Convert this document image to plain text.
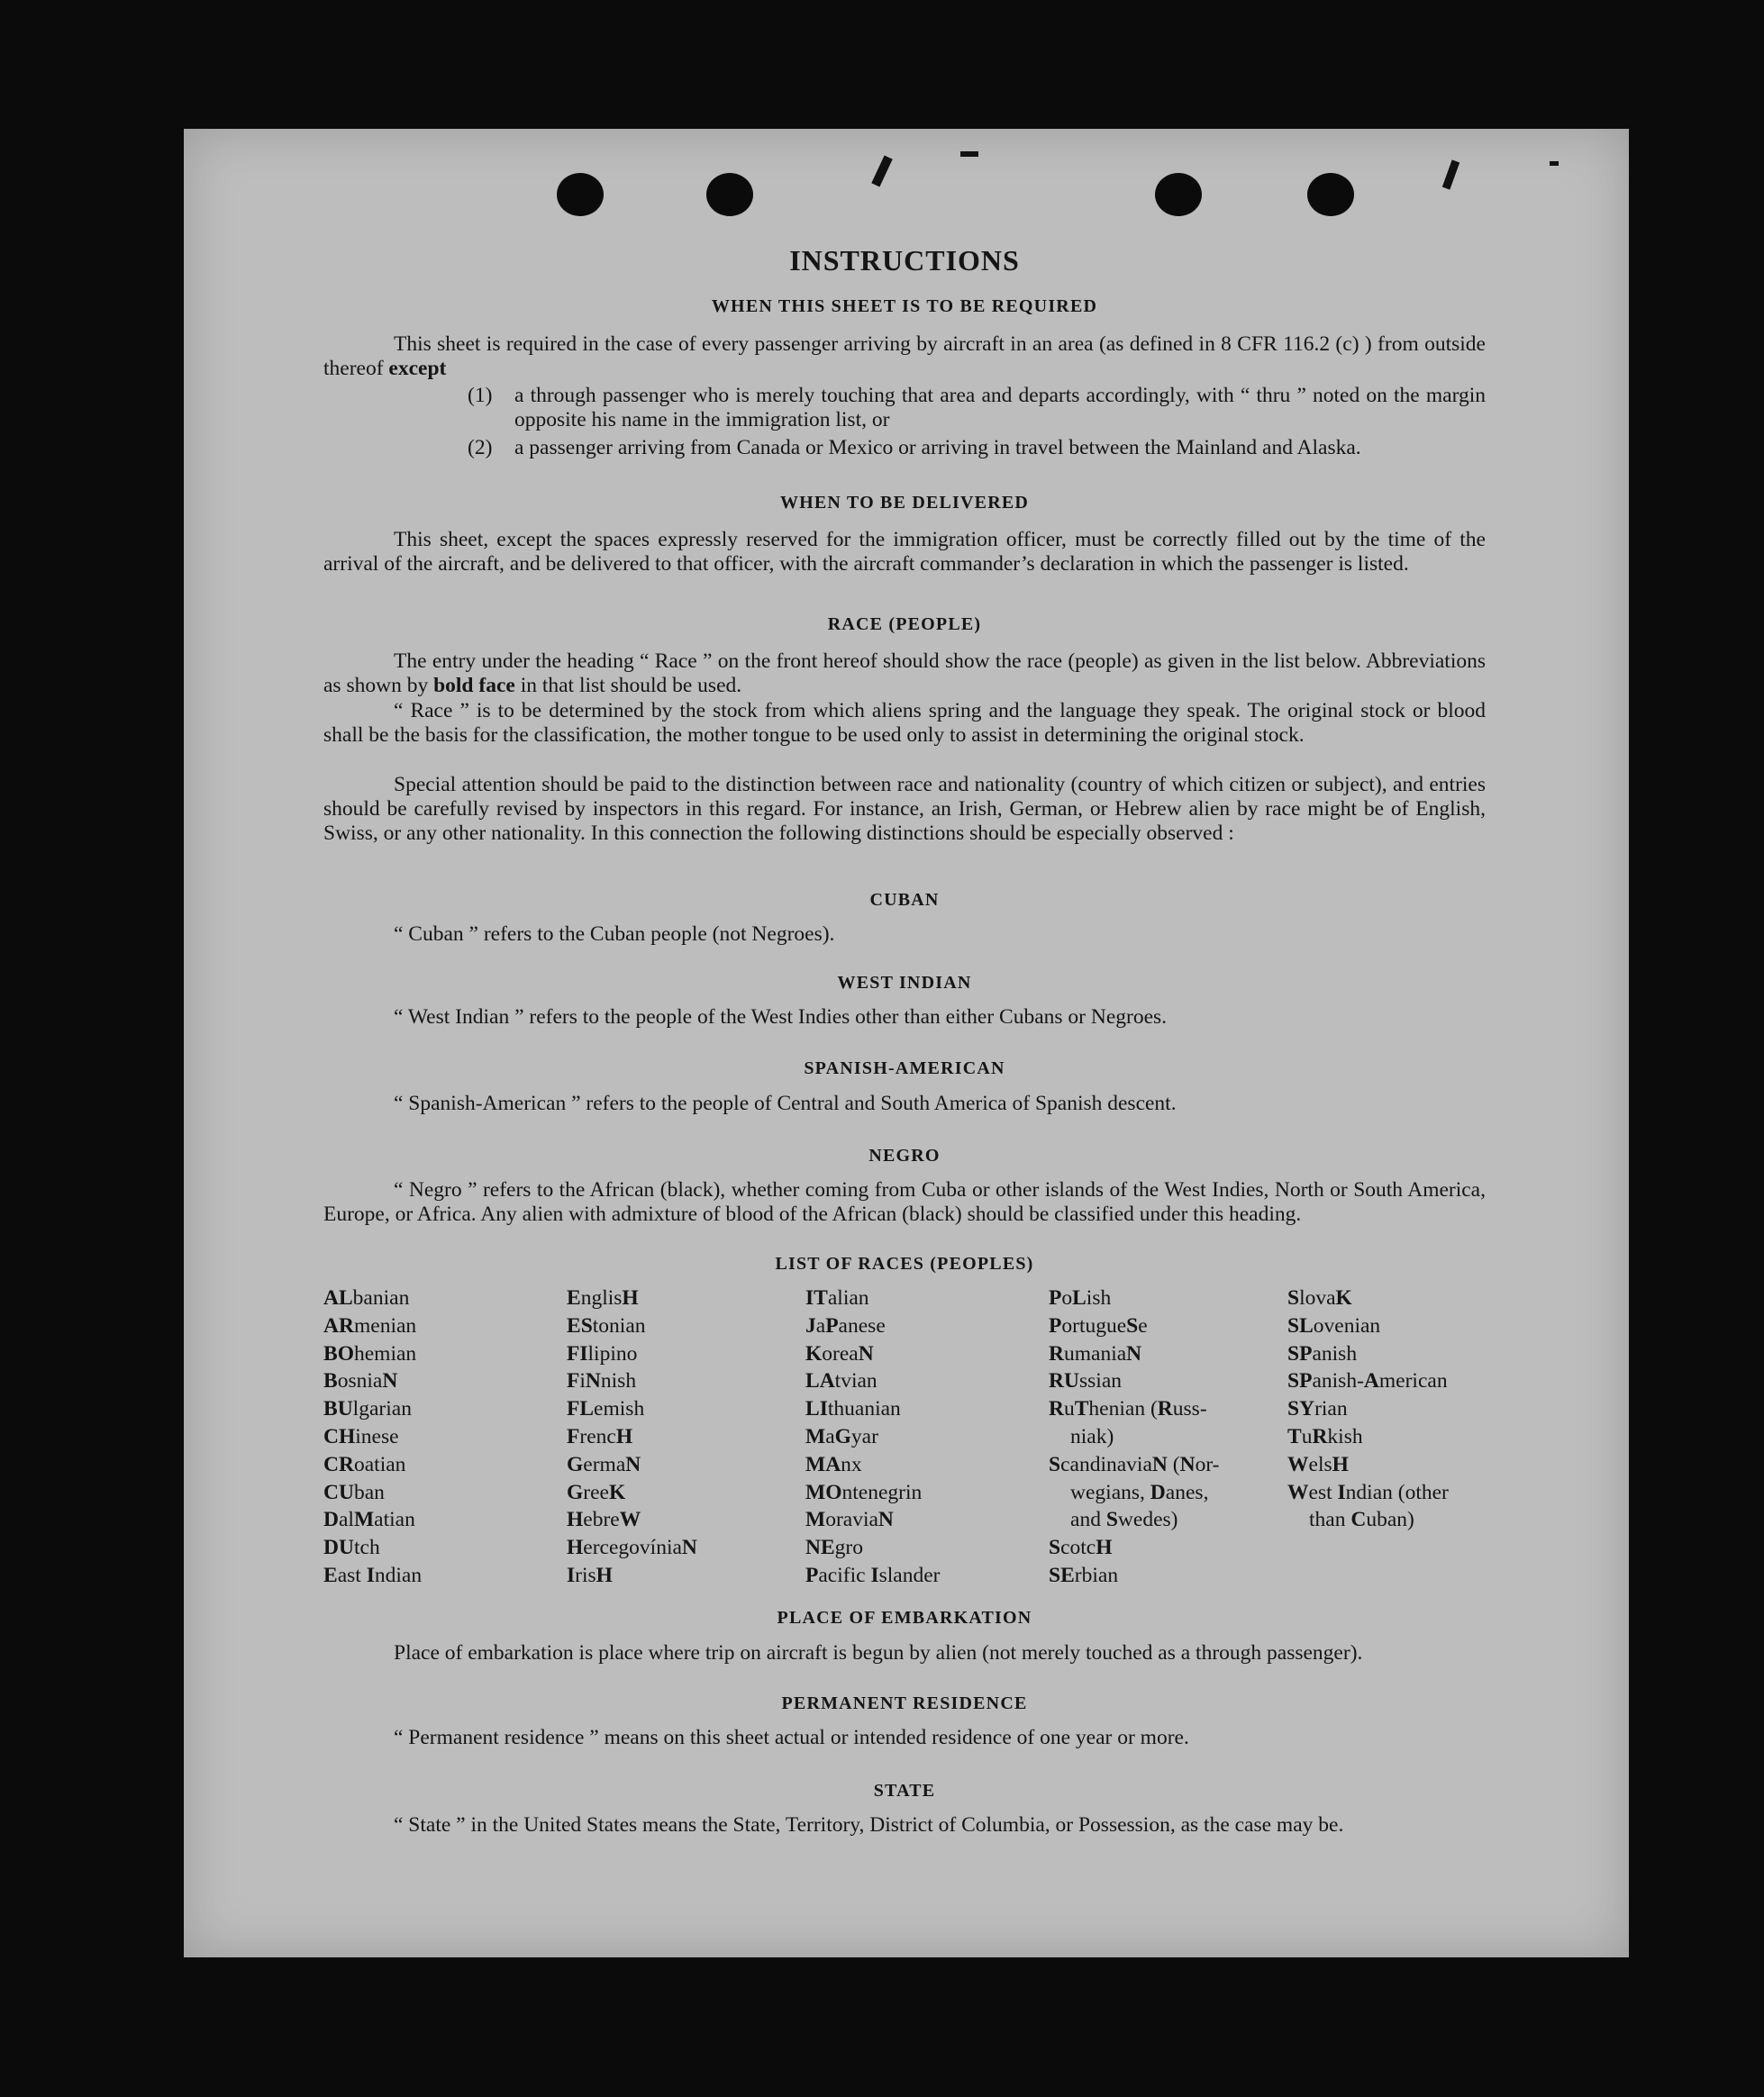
INSTRUCTIONS
WHEN THIS SHEET IS TO BE REQUIRED
This sheet is required in the case of every passenger arriving by aircraft in an area (as defined in 8 CFR 116.2 (c) ) from outside thereof except
(1) a through passenger who is merely touching that area and departs accordingly, with “ thru ” noted on the margin opposite his name in the immigration list, or
(2) a passenger arriving from Canada or Mexico or arriving in travel between the Mainland and Alaska.
WHEN TO BE DELIVERED
This sheet, except the spaces expressly reserved for the immigration officer, must be correctly filled out by the time of the arrival of the aircraft, and be delivered to that officer, with the aircraft commander’s declaration in which the passenger is listed.
RACE (PEOPLE)
The entry under the heading “ Race ” on the front hereof should show the race (people) as given in the list below. Abbreviations as shown by bold face in that list should be used.
“ Race ” is to be determined by the stock from which aliens spring and the language they speak. The original stock or blood shall be the basis for the classification, the mother tongue to be used only to assist in determining the original stock.
Special attention should be paid to the distinction between race and nationality (country of which citizen or subject), and entries should be carefully revised by inspectors in this regard. For instance, an Irish, German, or Hebrew alien by race might be of English, Swiss, or any other nationality. In this connection the following distinctions should be especially observed :
CUBAN
“ Cuban ” refers to the Cuban people (not Negroes).
WEST INDIAN
“ West Indian ” refers to the people of the West Indies other than either Cubans or Negroes.
SPANISH-AMERICAN
“ Spanish-American ” refers to the people of Central and South America of Spanish descent.
NEGRO
“ Negro ” refers to the African (black), whether coming from Cuba or other islands of the West Indies, North or South America, Europe, or Africa. Any alien with admixture of blood of the African (black) should be classified under this heading.
LIST OF RACES (PEOPLES)
ALbanian
ARmenian
BOhemian
BosniaN
BUlgarian
CHinese
CRoatian
CUban
DalMatian
DUtch
East Indian
EnglisH
EStonian
FIlipino
FiNnish
FLemish
FrencH
GermaN
GreeK
HebreW
HercegovíniaN
IrisH
ITalian
JaPanese
KoreaN
LAtvian
LIthuanian
MaGyar
MAnx
MOntenegrin
MoraviaN
NEgro
Pacific Islander
PoLish
PortugueSe
RumaniaN
RUssian
RuThenian (Russ-
niak)
ScandinaviaN (Nor-
wegians, Danes,
and Swedes)
ScotcH
SErbian
SlovaK
SLovenian
SPanish
SPanish-American
SYrian
TuRkish
WelsH
West Indian (other
than Cuban)
PLACE OF EMBARKATION
Place of embarkation is place where trip on aircraft is begun by alien (not merely touched as a through passenger).
PERMANENT RESIDENCE
“ Permanent residence ” means on this sheet actual or intended residence of one year or more.
STATE
“ State ” in the United States means the State, Territory, District of Columbia, or Possession, as the case may be.
